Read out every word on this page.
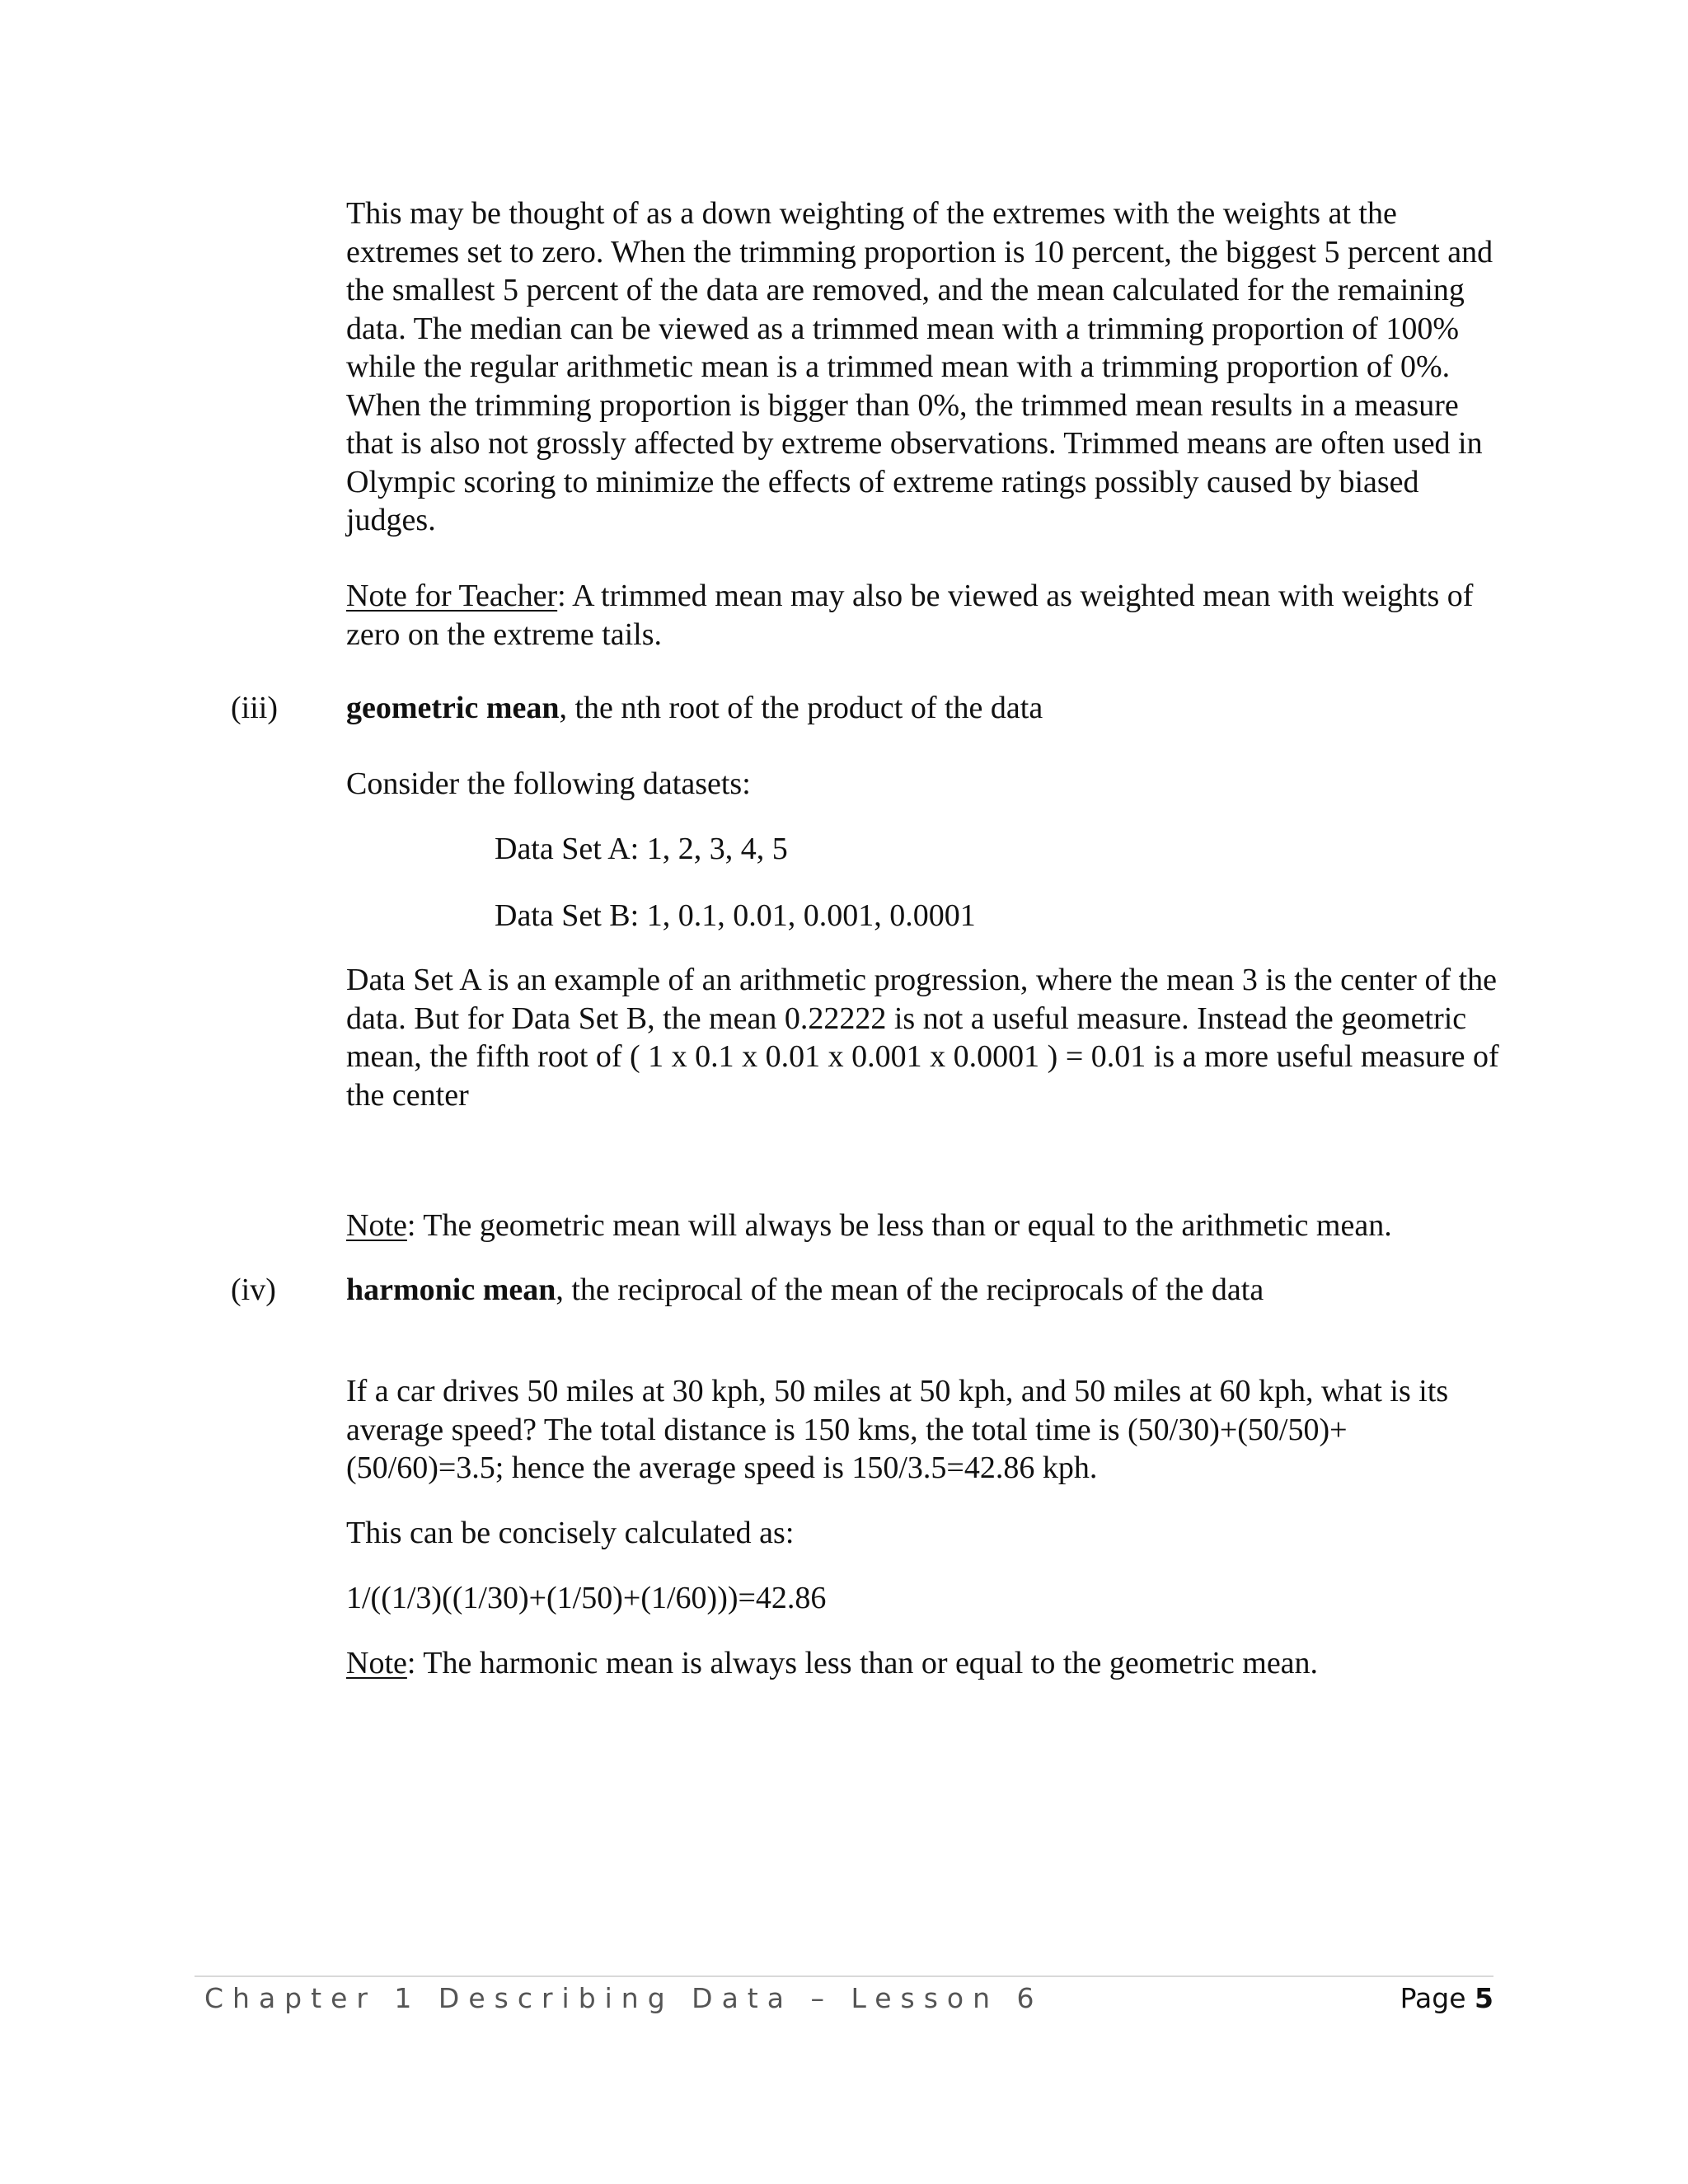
This may be thought of as a down weighting of the extremes with the weights at the extremes set to zero. When the trimming proportion is 10 percent, the biggest 5 percent and the smallest 5 percent of the data are removed, and the mean calculated for the remaining data. The median can be viewed as a trimmed mean with a trimming proportion of 100% while the regular arithmetic mean is a trimmed mean with a trimming proportion of 0%. When the trimming proportion is bigger than 0%, the trimmed mean results in a measure that is also not grossly affected by extreme observations. Trimmed means are often used in Olympic scoring to minimize the effects of extreme ratings possibly caused by biased judges.

Note for Teacher: A trimmed mean may also be viewed as weighted mean with weights of zero on the extreme tails.

(iii) geometric mean, the nth root of the product of the data

Consider the following datasets:

Data Set A: 1, 2, 3, 4, 5
Data Set B: 1, 0.1, 0.01, 0.001, 0.0001

Data Set A is an example of an arithmetic progression, where the mean 3 is the center of the data. But for Data Set B, the mean 0.22222 is not a useful measure. Instead the geometric mean, the fifth root of ( 1 x 0.1 x 0.01 x 0.001 x 0.0001 ) = 0.01 is a more useful measure of the center

Note: The geometric mean will always be less than or equal to the arithmetic mean.

(iv) harmonic mean, the reciprocal of the mean of the reciprocals of the data

If a car drives 50 miles at 30 kph, 50 miles at 50 kph, and 50 miles at 60 kph, what is its average speed? The total distance is 150 kms, the total time is (50/30)+(50/50)+(50/60)=3.5; hence the average speed is 150/3.5=42.86 kph.

This can be concisely calculated as:

1/((1/3)((1/30)+(1/50)+(1/60)))=42.86

Note: The harmonic mean is always less than or equal to the geometric mean.

Chapter 1 Describing Data – Lesson 6	Page 5
